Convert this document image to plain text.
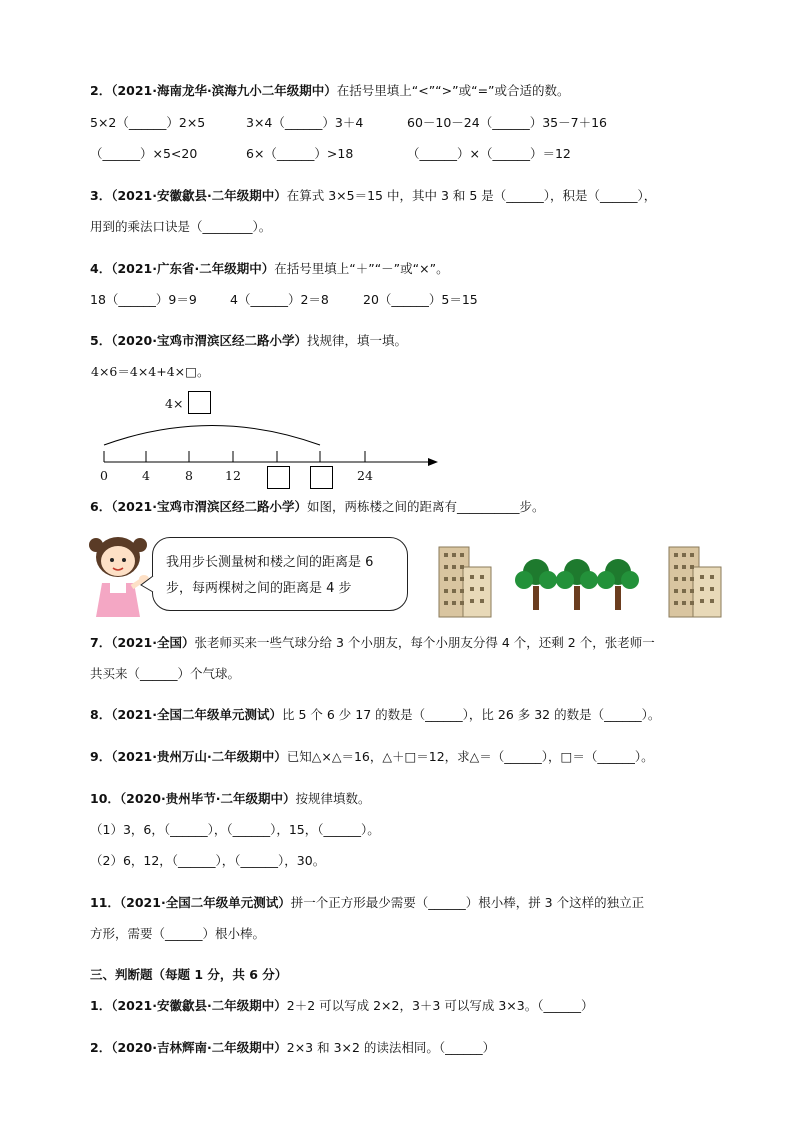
2．（2021·海南龙华·滨海九小二年级期中）在括号里填上“<”“>”或“=”或合适的数。
5×2（______）2×5	3×4（______）3＋4	60－10－24（______）35－7＋16
（______）×5<20	6×（______）>18	（______）×（______）＝12
3．（2021·安徽歙县·二年级期中）在算式 3×5＝15 中，其中 3 和 5 是（______），积是（______），
用到的乘法口诀是（________）。
4．（2021·广东省·二年级期中）在括号里填上“＋”“－”或“×”。
18（______）9＝9	4（______）2＝8	20（______）5＝15
5．（2020·宝鸡市渭滨区经二路小学）找规律，填一填。
4×6＝4×4+4×□。
4×
0	4	8	12	24
6．（2021·宝鸡市渭滨区经二路小学）如图，两栋楼之间的距离有__________步。
我用步长测量树和楼之间的距离是 6 步，每两棵树之间的距离是 4 步
7．（2021·全国）张老师买来一些气球分给 3 个小朋友，每个小朋友分得 4 个，还剩 2 个，张老师一
共买来（______）个气球。
8．（2021·全国二年级单元测试）比 5 个 6 少 17 的数是（______），比 26 多 32 的数是（______）。
9．（2021·贵州万山·二年级期中）已知△×△＝16，△＋□＝12，求△＝（______），□＝（______）。
10．（2020·贵州毕节·二年级期中）按规律填数。
（1）3，6，（______），（______），15，（______）。
（2）6，12，（______），（______），30。
11．（2021·全国二年级单元测试）拼一个正方形最少需要（______）根小棒，拼 3 个这样的独立正
方形，需要（______）根小棒。
三、判断题（每题 1 分，共 6 分）
1．（2021·安徽歙县·二年级期中）2＋2 可以写成 2×2，3＋3 可以写成 3×3。（______）
2．（2020·吉林辉南·二年级期中）2×3 和 3×2 的读法相同。（______）
